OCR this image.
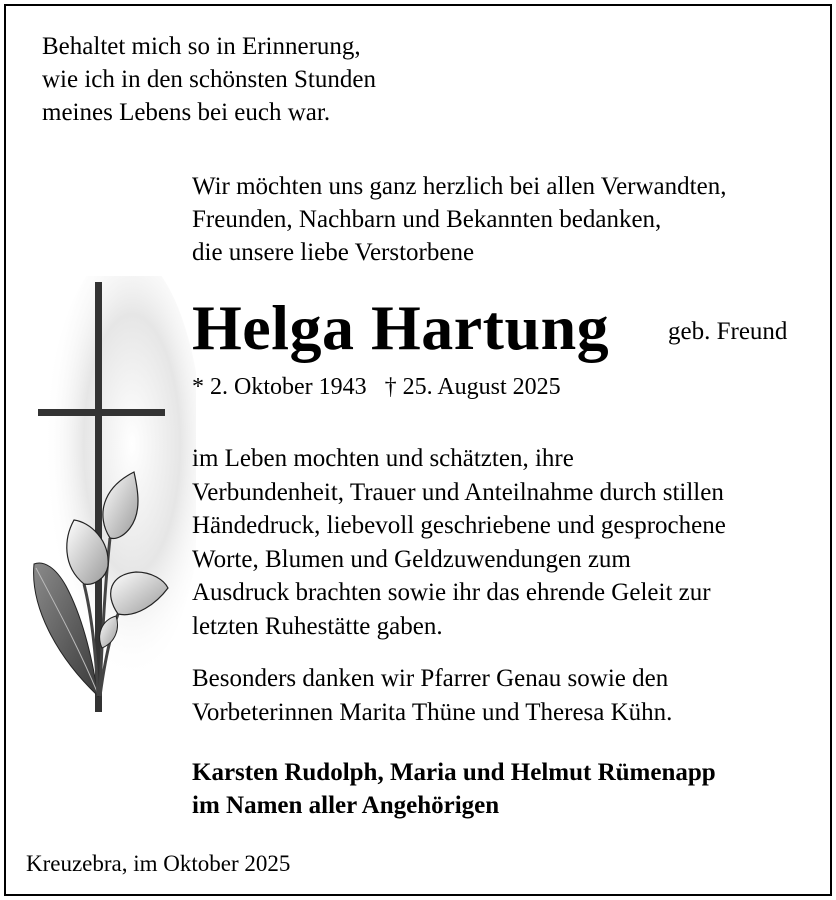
Behaltet mich so in Erinnerung,
wie ich in den schönsten Stunden
meines Lebens bei euch war.
Wir möchten uns ganz herzlich bei allen Verwandten,
Freunden, Nachbarn und Bekannten bedanken,
die unsere liebe Verstorbene
Helga Hartung geb. Freund
* 2. Oktober 1943 † 25. August 2025
im Leben mochten und schätzten, ihre
Verbundenheit, Trauer und Anteilnahme durch stillen
Händedruck, liebevoll geschriebene und gesprochene
Worte, Blumen und Geldzuwendungen zum
Ausdruck brachten sowie ihr das ehrende Geleit zur
letzten Ruhestätte gaben.
Besonders danken wir Pfarrer Genau sowie den
Vorbeterinnen Marita Thüne und Theresa Kühn.
Karsten Rudolph, Maria und Helmut Rümenapp
im Namen aller Angehörigen
Kreuzebra, im Oktober 2025
